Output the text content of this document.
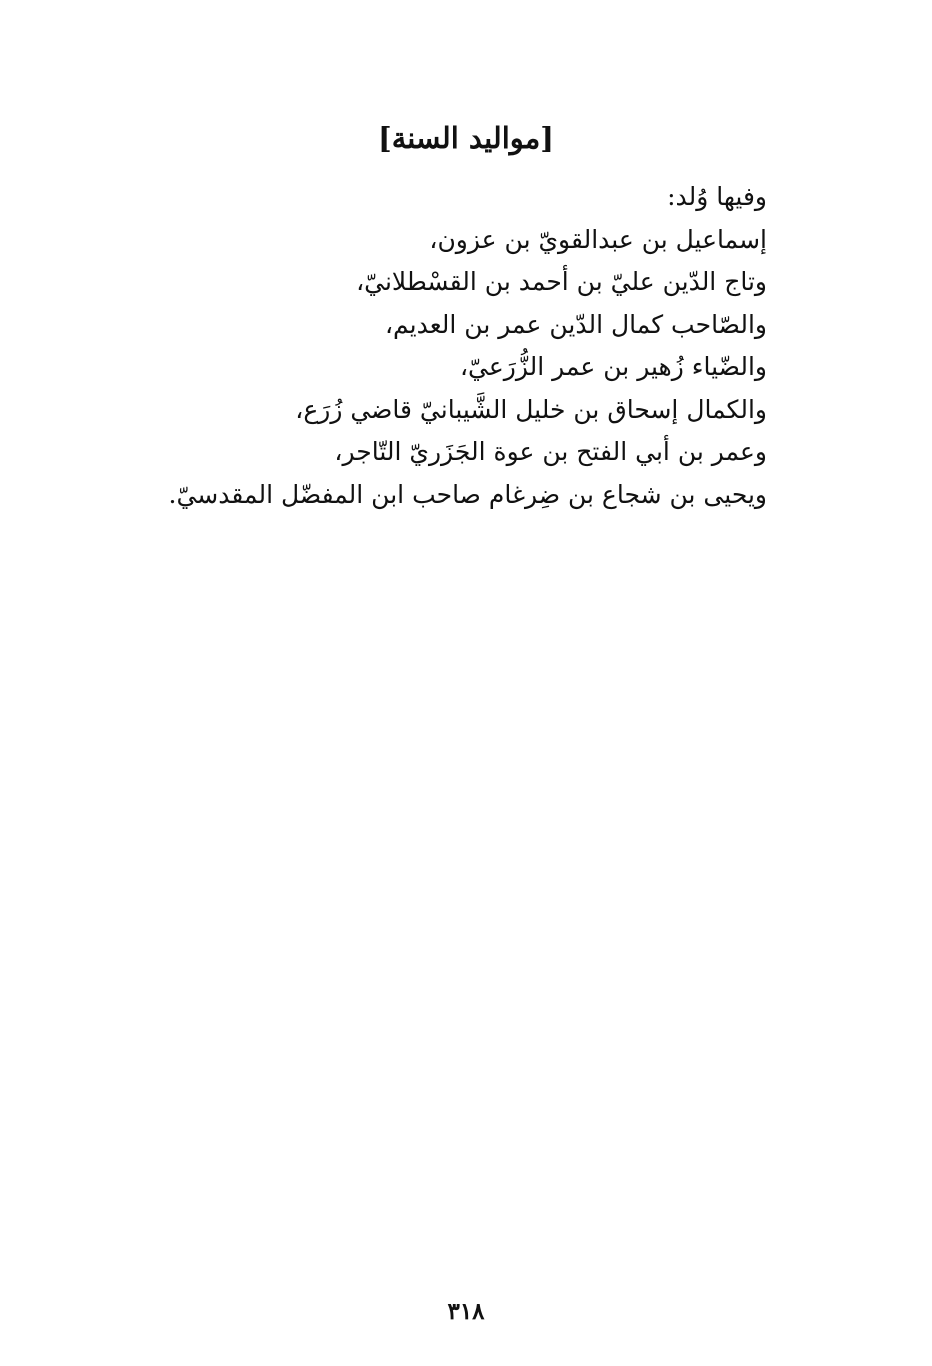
[مواليد السنة]
وفيها وُلد:
إسماعيل بن عبدالقويّ بن عزون،
وتاج الدّين عليّ بن أحمد بن القسْطلانيّ،
والصّاحب كمال الدّين عمر بن العديم،
والضّياء زُهير بن عمر الزُّرَعيّ،
والكمال إسحاق بن خليل الشَّيبانيّ قاضي زُرَع،
وعمر بن أبي الفتح بن عوة الجَزَريّ التّاجر،
ويحيى بن شجاع بن ضِرغام صاحب ابن المفضّل المقدسيّ.
٣١٨
